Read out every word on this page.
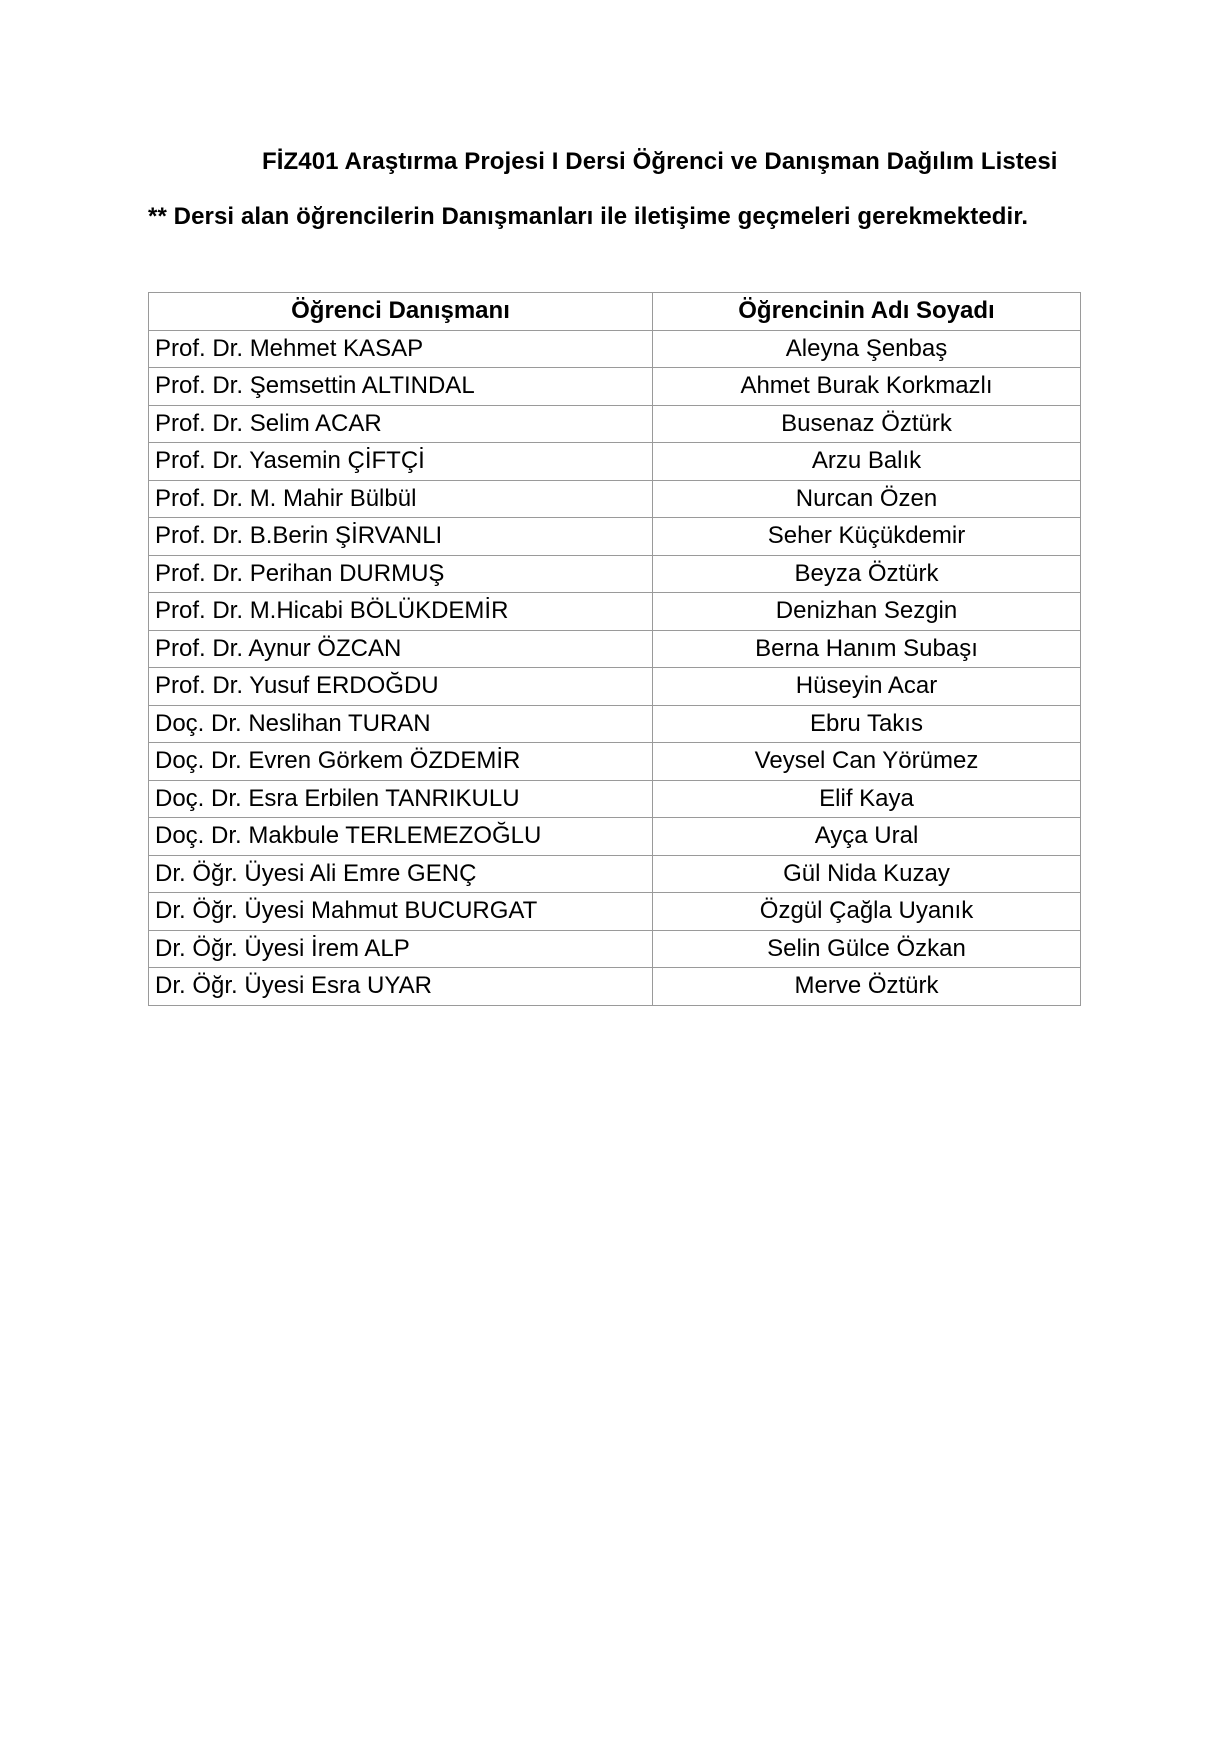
FİZ401 Araştırma Projesi I Dersi Öğrenci ve Danışman Dağılım Listesi
** Dersi alan öğrencilerin Danışmanları ile iletişime geçmeleri gerekmektedir.
Öğrenci Danışmanı	Öğrencinin Adı Soyadı
Prof. Dr. Mehmet KASAP	Aleyna Şenbaş
Prof. Dr. Şemsettin ALTINDAL	Ahmet Burak Korkmazlı
Prof. Dr. Selim ACAR	Busenaz Öztürk
Prof. Dr. Yasemin ÇİFTÇİ	Arzu Balık
Prof. Dr. M. Mahir Bülbül	Nurcan Özen
Prof. Dr. B.Berin ŞİRVANLI	Seher Küçükdemir
Prof. Dr. Perihan DURMUŞ	Beyza Öztürk
Prof. Dr. M.Hicabi BÖLÜKDEMİR	Denizhan Sezgin
Prof. Dr. Aynur ÖZCAN	Berna Hanım Subaşı
Prof. Dr. Yusuf ERDOĞDU	Hüseyin Acar
Doç. Dr. Neslihan TURAN	Ebru Takıs
Doç. Dr. Evren Görkem ÖZDEMİR	Veysel Can Yörümez
Doç. Dr. Esra Erbilen TANRIKULU	Elif Kaya
Doç. Dr. Makbule TERLEMEZOĞLU	Ayça Ural
Dr. Öğr. Üyesi Ali Emre GENÇ	Gül Nida Kuzay
Dr. Öğr. Üyesi Mahmut BUCURGAT	Özgül Çağla Uyanık
Dr. Öğr. Üyesi İrem ALP	Selin Gülce Özkan
Dr. Öğr. Üyesi Esra UYAR	Merve Öztürk
